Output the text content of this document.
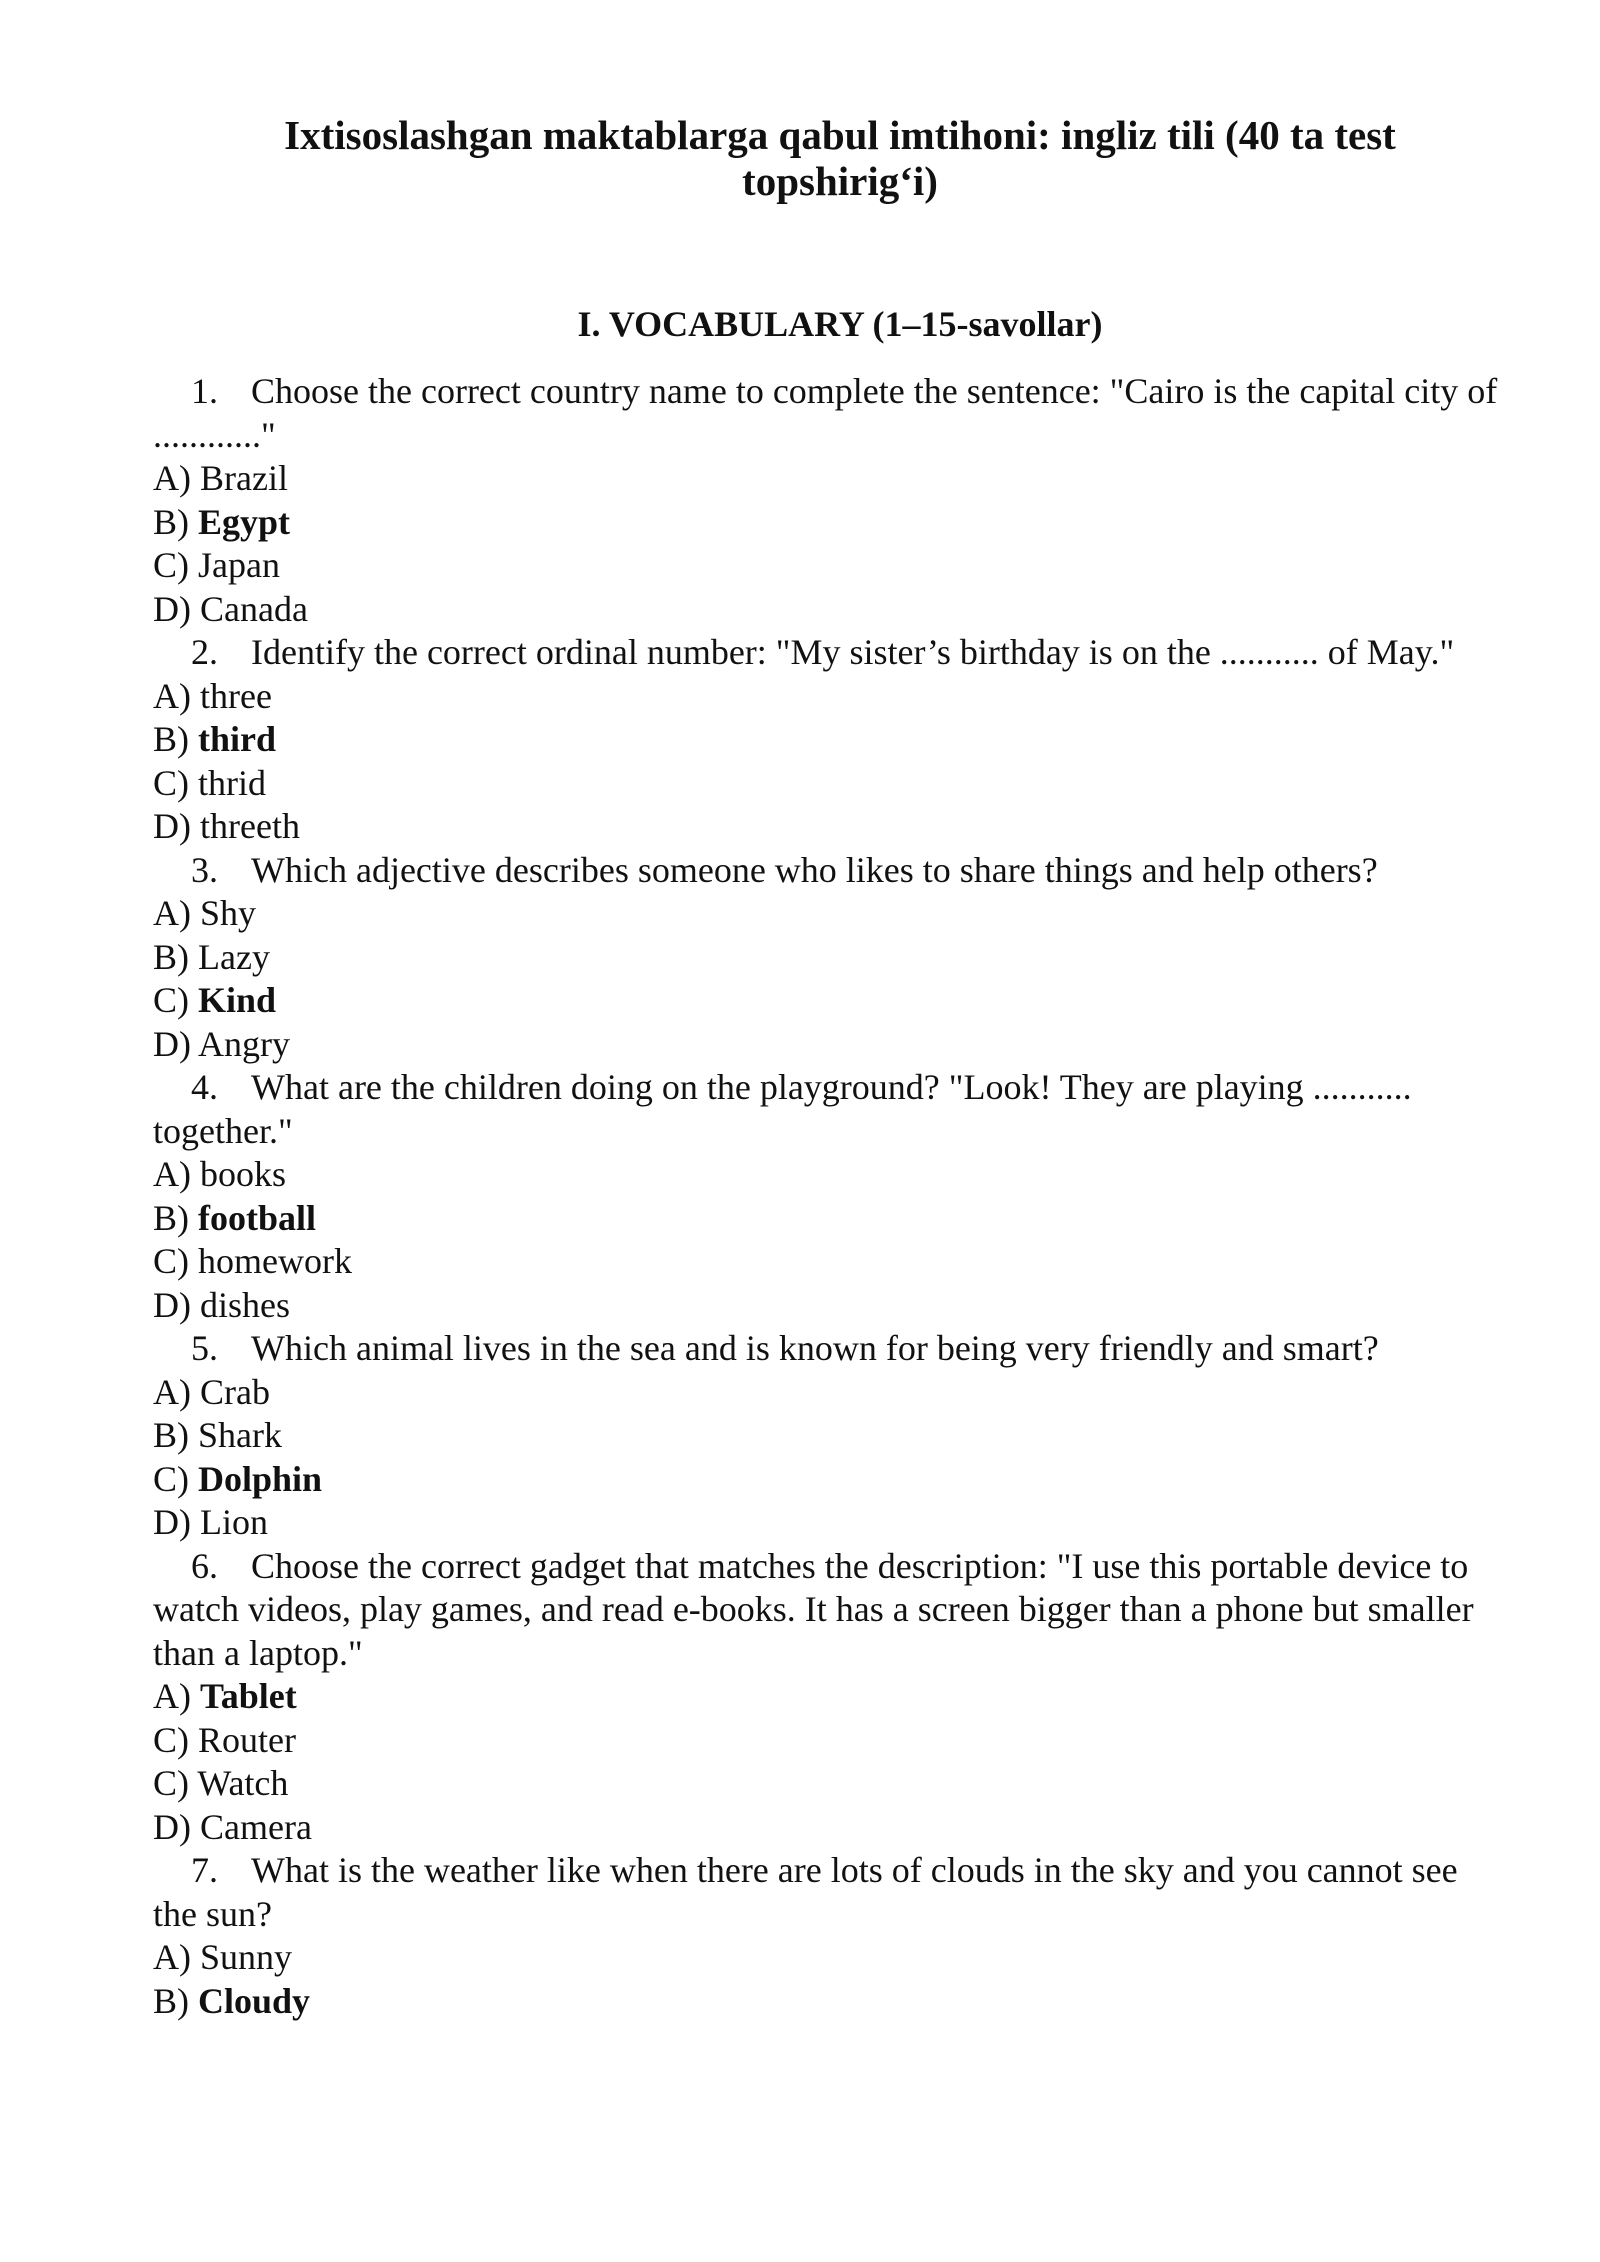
Ixtisoslashgan maktablarga qabul imtihoni: ingliz tili (40 ta test topshirig‘i)
I. VOCABULARY (1–15-savollar)

1. Choose the correct country name to complete the sentence: "Cairo is the capital city of ............"

A) Brazil

B) Egypt

C) Japan

D) Canada

2. Identify the correct ordinal number: "My sister’s birthday is on the ........... of May."

A) three

B) third

C) thrid

D) threeth

3. Which adjective describes someone who likes to share things and help others?

A) Shy

B) Lazy

C) Kind

D) Angry

4. What are the children doing on the playground? "Look! They are playing ........... together."

A) books

B) football

C) homework

D) dishes

5. Which animal lives in the sea and is known for being very friendly and smart?

A) Crab

B) Shark

C) Dolphin

D) Lion

6. Choose the correct gadget that matches the description: "I use this portable device to watch videos, play games, and read e-books. It has a screen bigger than a phone but smaller than a laptop."

A) Tablet

C) Router

C) Watch

D) Camera

7. What is the weather like when there are lots of clouds in the sky and you cannot see the sun?

A) Sunny

B) Cloudy
